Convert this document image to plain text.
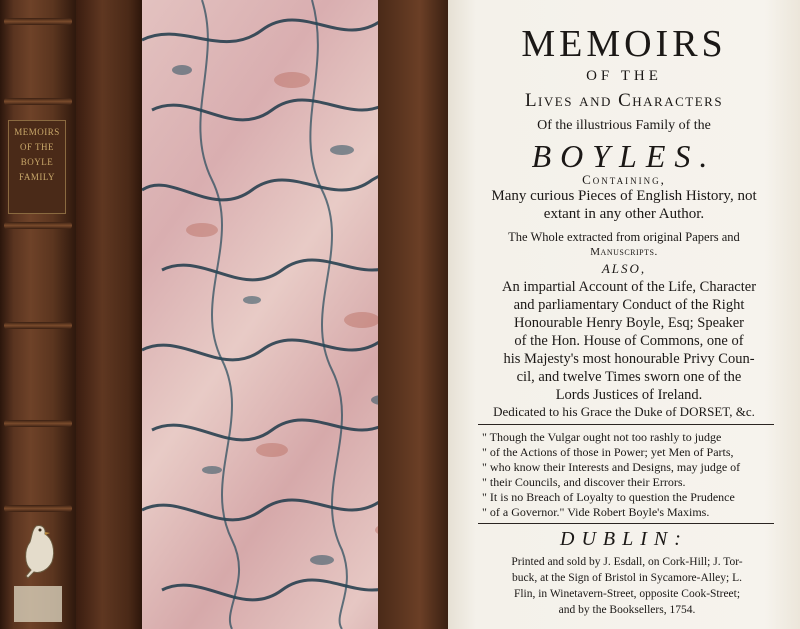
MEMOIRS
OF THE
BOYLE
FAMILY
MEMOIRS
OF THE
Lives and Characters
Of the illustrious Family of the
BOYLES.
Containing,
Many curious Pieces of English History, not
extant in any other Author.
The Whole extracted from original Papers and
Manuscripts.
ALSO,
An impartial Account of the Life, Character
and parliamentary Conduct of the Right
Honourable Henry Boyle, Esq; Speaker
of the Hon. House of Commons, one of
his Majesty's most honourable Privy Coun-
cil, and twelve Times sworn one of the
Lords Justices of Ireland.
Dedicated to his Grace the Duke of DORSET, &c.
" Though the Vulgar ought not too rashly to judge
" of the Actions of those in Power; yet Men of Parts,
" who know their Interests and Designs, may judge of
" their Councils, and discover their Errors.
" It is no Breach of Loyalty to question the Prudence
" of a Governor." Vide Robert Boyle's Maxims.
DUBLIN:
Printed and sold by J. Esdall, on Cork-Hill; J. Tor-
buck, at the Sign of Bristol in Sycamore-Alley; L.
Flin, in Winetavern-Street, opposite Cook-Street;
and by the Booksellers, 1754.
